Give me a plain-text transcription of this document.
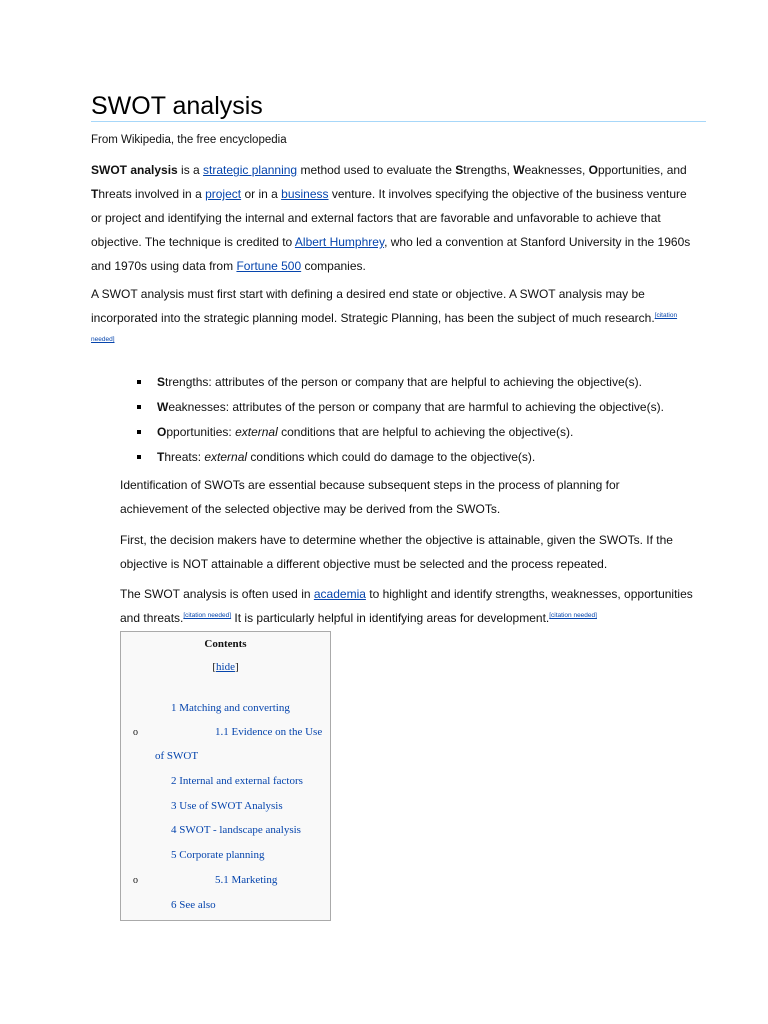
SWOT analysis

From Wikipedia, the free encyclopedia

SWOT analysis is a strategic planning method used to evaluate the Strengths, Weaknesses, Opportunities, and Threats involved in a project or in a business venture. It involves specifying the objective of the business venture or project and identifying the internal and external factors that are favorable and unfavorable to achieve that objective. The technique is credited to Albert Humphrey, who led a convention at Stanford University in the 1960s and 1970s using data from Fortune 500 companies.

A SWOT analysis must first start with defining a desired end state or objective. A SWOT analysis may be incorporated into the strategic planning model. Strategic Planning, has been the subject of much research.[citation needed]

Strengths: attributes of the person or company that are helpful to achieving the objective(s).
Weaknesses: attributes of the person or company that are harmful to achieving the objective(s).
Opportunities: external conditions that are helpful to achieving the objective(s).
Threats: external conditions which could do damage to the objective(s).

Identification of SWOTs are essential because subsequent steps in the process of planning for achievement of the selected objective may be derived from the SWOTs.

First, the decision makers have to determine whether the objective is attainable, given the SWOTs. If the objective is NOT attainable a different objective must be selected and the process repeated.

The SWOT analysis is often used in academia to highlight and identify strengths, weaknesses, opportunities and threats.[citation needed] It is particularly helpful in identifying areas for development.[citation needed]

Contents
[hide]
1 Matching and converting
o	1.1 Evidence on the Use
of SWOT
2 Internal and external factors
3 Use of SWOT Analysis
4 SWOT - landscape analysis
5 Corporate planning
o	5.1 Marketing
6 See also
